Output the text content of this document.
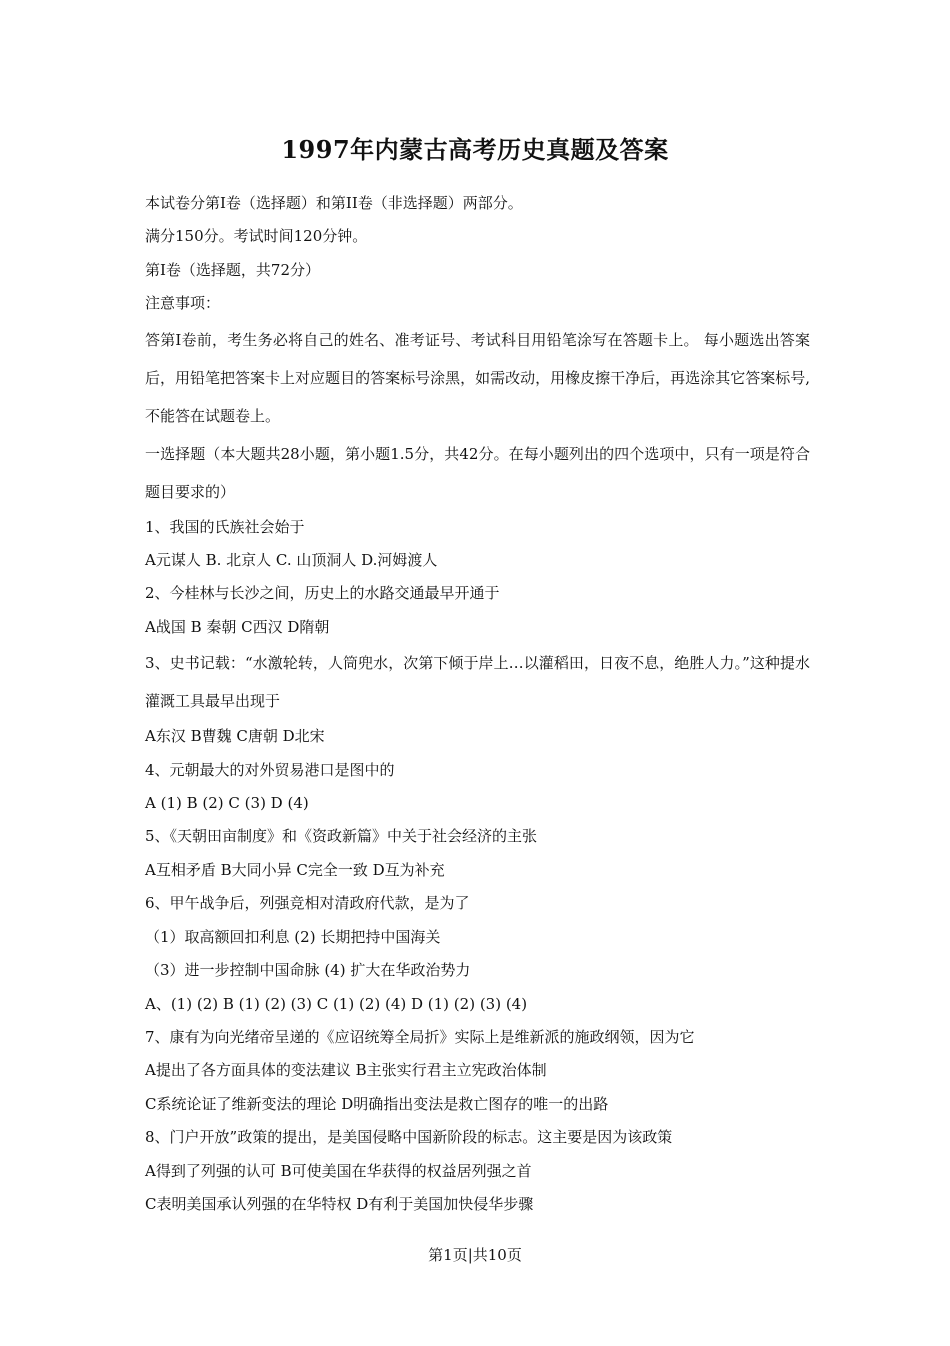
1997年内蒙古高考历史真题及答案
本试卷分第I卷（选择题）和第II卷（非选择题）两部分。
满分150分。考试时间120分钟。
第I卷（选择题，共72分）
注意事项：
答第I卷前，考生务必将自己的姓名、准考证号、考试科目用铅笔涂写在答题卡上。 每小题选出答案后，用铅笔把答案卡上对应题目的答案标号涂黑，如需改动，用橡皮擦干净后，再选涂其它答案标号,不能答在试题卷上。
一选择题（本大题共28小题，第小题1.5分，共42分。在每小题列出的四个选项中，只有一项是符合题目要求的）
1、我国的氏族社会始于
A元谋人 B. 北京人 C. 山顶洞人 D.河姆渡人
2、今桂林与长沙之间，历史上的水路交通最早开通于
A战国 B 秦朝 C西汉 D隋朝
3、史书记载：“水激轮转，人筒兜水，次第下倾于岸上…以灌稻田，日夜不息，绝胜人力。”这种提水灌溉工具最早出现于
A东汉 B曹魏 C唐朝 D北宋
4、元朝最大的对外贸易港口是图中的
A (1) B (2) C (3) D (4)
5、《天朝田亩制度》和《资政新篇》中关于社会经济的主张
A互相矛盾 B大同小异 C完全一致 D互为补充
6、甲午战争后，列强竞相对清政府代款，是为了
（1）取高额回扣利息 (2) 长期把持中国海关
（3）进一步控制中国命脉 (4) 扩大在华政治势力
A、(1) (2) B (1) (2) (3) C (1) (2) (4) D (1) (2) (3) (4)
7、康有为向光绪帝呈递的《应诏统筹全局折》实际上是维新派的施政纲领，因为它
A提出了各方面具体的变法建议 B主张实行君主立宪政治体制
C系统论证了维新变法的理论 D明确指出变法是救亡图存的唯一的出路
8、门户开放”政策的提出，是美国侵略中国新阶段的标志。这主要是因为该政策
A得到了列强的认可 B可使美国在华获得的权益居列强之首
C表明美国承认列强的在华特权 D有利于美国加快侵华步骤
第1页|共10页
